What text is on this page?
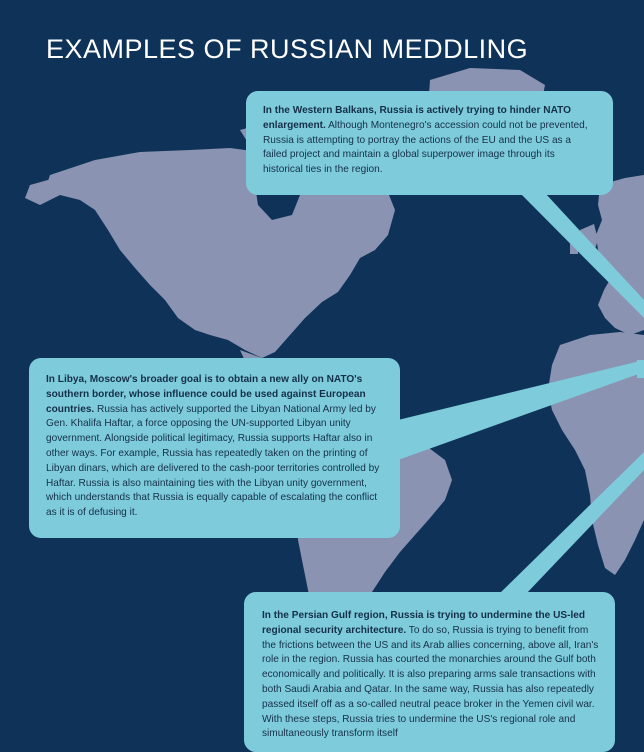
EXAMPLES OF RUSSIAN MEDDLING
In the Western Balkans, Russia is actively trying to hinder NATO enlargement. Although Montenegro's accession could not be prevented, Russia is attempting to portray the actions of the EU and the US as a failed project and maintain a global superpower image through its historical ties in the region.
In Libya, Moscow's broader goal is to obtain a new ally on NATO's southern border, whose influence could be used against European countries. Russia has actively supported the Libyan National Army led by Gen. Khalifa Haftar, a force opposing the UN-supported Libyan unity government. Alongside political legitimacy, Russia supports Haftar also in other ways. For example, Russia has repeatedly taken on the printing of Libyan dinars, which are delivered to the cash-poor territories controlled by Haftar. Russia is also maintaining ties with the Libyan unity government, which understands that Russia is equally capable of escalating the conflict as it is of defusing it.
In the Persian Gulf region, Russia is trying to undermine the US-led regional security architecture. To do so, Russia is trying to benefit from the frictions between the US and its Arab allies concerning, above all, Iran's role in the region. Russia has courted the monarchies around the Gulf both economically and politically. It is also preparing arms sale transactions with both Saudi Arabia and Qatar. In the same way, Russia has also repeatedly passed itself off as a so-called neutral peace broker in the Yemen civil war. With these steps, Russia tries to undermine the US's regional role and simultaneously transform itself
